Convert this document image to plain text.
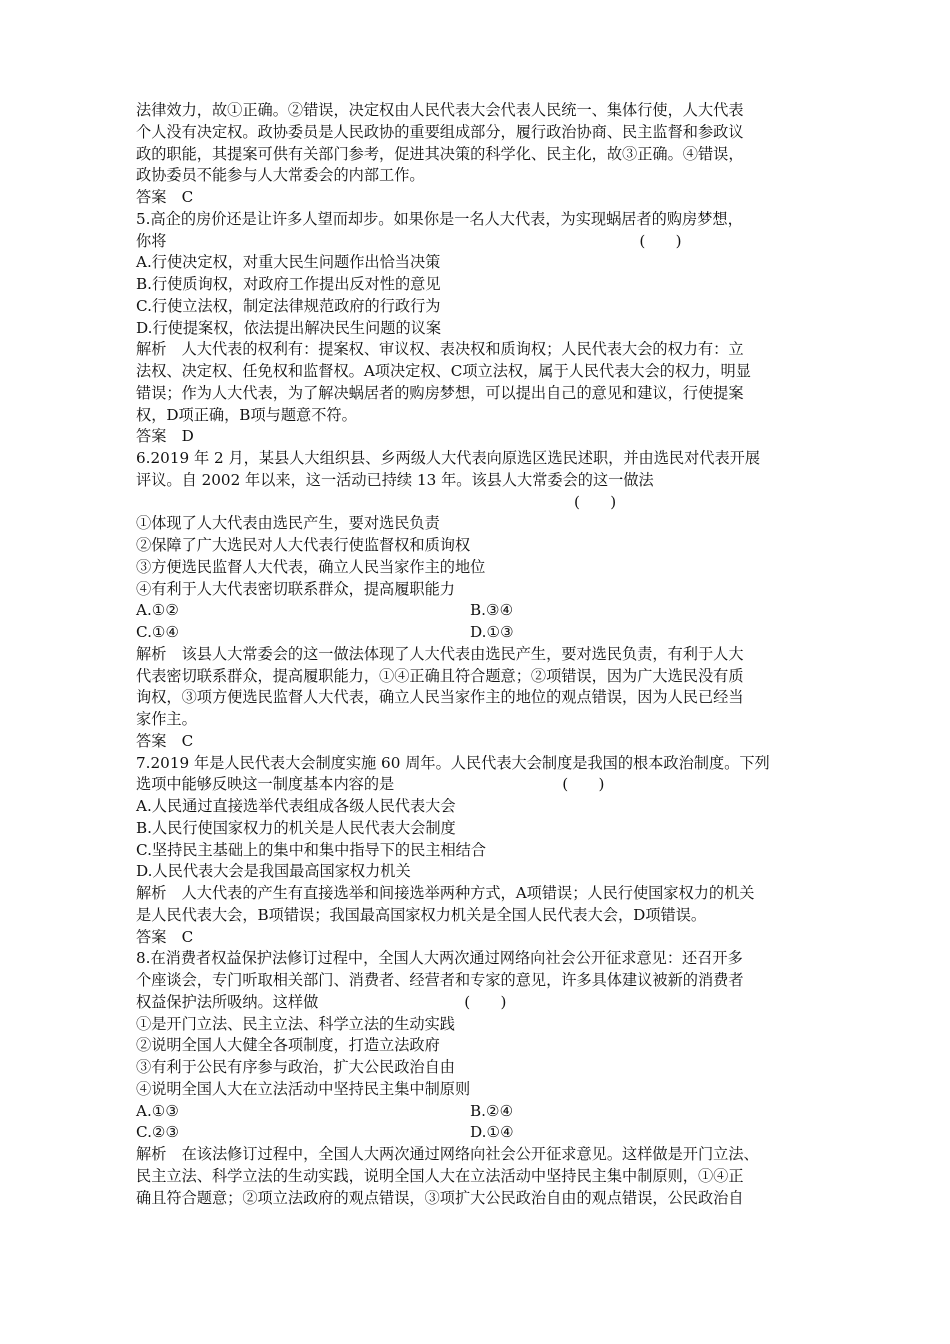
法律效力，故①正确。②错误，决定权由人民代表大会代表人民统一、集体行使，人大代表
个人没有决定权。政协委员是人民政协的重要组成部分，履行政治协商、民主监督和参政议
政的职能，其提案可供有关部门参考，促进其决策的科学化、民主化，故③正确。④错误，
政协委员不能参与人大常委会的内部工作。
答案　C
5.高企的房价还是让许多人望而却步。如果你是一名人大代表，为实现蜗居者的购房梦想，
你将	(　　)
A.行使决定权，对重大民生问题作出恰当决策
B.行使质询权，对政府工作提出反对性的意见
C.行使立法权，制定法律规范政府的行政行为
D.行使提案权，依法提出解决民生问题的议案
解析　人大代表的权利有：提案权、审议权、表决权和质询权；人民代表大会的权力有：立
法权、决定权、任免权和监督权。A项决定权、C项立法权，属于人民代表大会的权力，明显
错误；作为人大代表，为了解决蜗居者的购房梦想，可以提出自己的意见和建议，行使提案
权，D项正确，B项与题意不符。
答案　D
6.2019 年 2 月，某县人大组织县、乡两级人大代表向原选区选民述职，并由选民对代表开展
评议。自 2002 年以来，这一活动已持续 13 年。该县人大常委会的这一做法
(　　)
①体现了人大代表由选民产生，要对选民负责
②保障了广大选民对人大代表行使监督权和质询权
③方便选民监督人大代表，确立人民当家作主的地位
④有利于人大代表密切联系群众，提高履职能力
A.①②	B.③④
C.①④	D.①③
解析　该县人大常委会的这一做法体现了人大代表由选民产生，要对选民负责，有利于人大
代表密切联系群众，提高履职能力，①④正确且符合题意；②项错误，因为广大选民没有质
询权，③项方便选民监督人大代表，确立人民当家作主的地位的观点错误，因为人民已经当
家作主。
答案　C
7.2019 年是人民代表大会制度实施 60 周年。人民代表大会制度是我国的根本政治制度。下列
选项中能够反映这一制度基本内容的是	(　　)
A.人民通过直接选举代表组成各级人民代表大会
B.人民行使国家权力的机关是人民代表大会制度
C.坚持民主基础上的集中和集中指导下的民主相结合
D.人民代表大会是我国最高国家权力机关
解析　人大代表的产生有直接选举和间接选举两种方式，A项错误；人民行使国家权力的机关
是人民代表大会，B项错误；我国最高国家权力机关是全国人民代表大会，D项错误。
答案　C
8.在消费者权益保护法修订过程中，全国人大两次通过网络向社会公开征求意见：还召开多
个座谈会，专门听取相关部门、消费者、经营者和专家的意见，许多具体建议被新的消费者
权益保护法所吸纳。这样做	(　　)
①是开门立法、民主立法、科学立法的生动实践
②说明全国人大健全各项制度，打造立法政府
③有利于公民有序参与政治，扩大公民政治自由
④说明全国人大在立法活动中坚持民主集中制原则
A.①③	B.②④
C.②③	D.①④
解析　在该法修订过程中，全国人大两次通过网络向社会公开征求意见。这样做是开门立法、
民主立法、科学立法的生动实践，说明全国人大在立法活动中坚持民主集中制原则，①④正
确且符合题意；②项立法政府的观点错误，③项扩大公民政治自由的观点错误，公民政治自
